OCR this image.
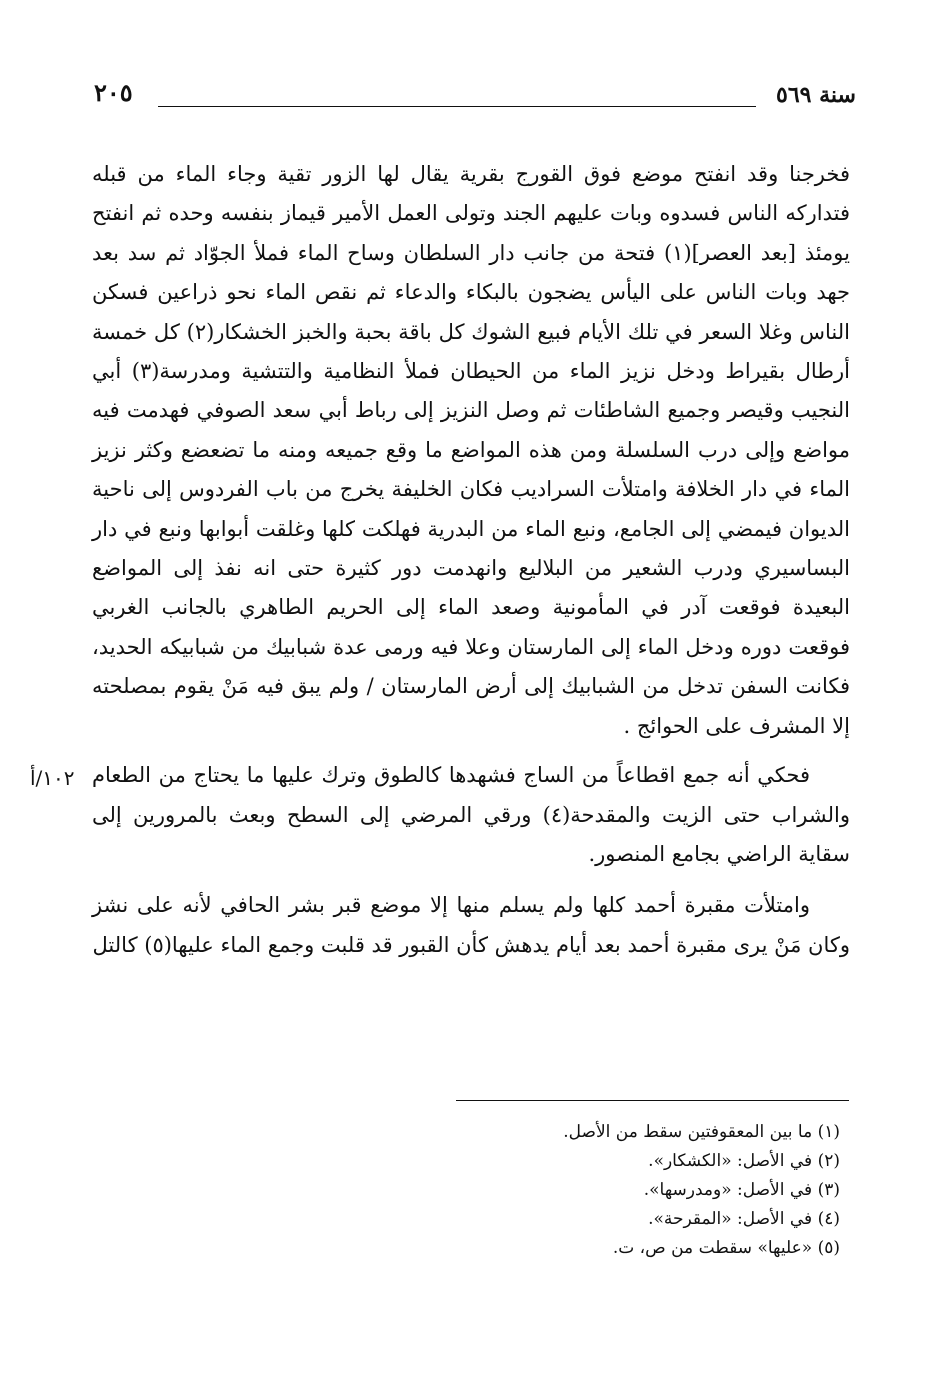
سنة ٥٦٩
٢٠٥

فخرجنا وقد انفتح موضع فوق القورج بقرية يقال لها الزور تقية وجاء الماء من قبله فتداركه الناس فسدوه وبات عليهم الجند وتولى العمل الأمير قيماز بنفسه وحده ثم انفتح يومئذ [بعد العصر](١) فتحة من جانب دار السلطان وساح الماء فملأ الجوّاد ثم سد بعد جهد وبات الناس على اليأس يضجون بالبكاء والدعاء ثم نقص الماء نحو ذراعين فسكن الناس وغلا السعر في تلك الأيام فبيع الشوك كل باقة بحبة والخبز الخشكار(٢) كل خمسة أرطال بقيراط ودخل نزيز الماء من الحيطان فملأ النظامية والتتشية ومدرسة(٣) أبي النجيب وقيصر وجميع الشاطئات ثم وصل النزيز إلى رباط أبي سعد الصوفي فهدمت فيه مواضع وإلى درب السلسلة ومن هذه المواضع ما وقع جميعه ومنه ما تضعضع وكثر نزيز الماء في دار الخلافة وامتلأت السراديب فكان الخليفة يخرج من باب الفردوس إلى ناحية الديوان فيمضي إلى الجامع، ونبع الماء من البدرية فهلكت كلها وغلقت أبوابها ونبع في دار البساسيري ودرب الشعير من البلاليع وانهدمت دور كثيرة حتى انه نفذ إلى المواضع البعيدة فوقعت آدر في المأمونية وصعد الماء إلى الحريم الطاهري بالجانب الغربي فوقعت دوره ودخل الماء إلى المارستان وعلا فيه ورمى عدة شبابيك من شبابيكه الحديد، فكانت السفن تدخل من الشبابيك إلى أرض المارستان / ولم يبق فيه مَنْ يقوم بمصلحته إلا المشرف على الحوائج .

فحكي أنه جمع اقطاعاً من الساج فشهدها كالطوق وترك عليها ما يحتاج من الطعام والشراب حتى الزيت والمقدحة(٤) ورقي المرضي إلى السطح وبعث بالمرورين إلى سقاية الراضي بجامع المنصور.

وامتلأت مقبرة أحمد كلها ولم يسلم منها إلا موضع قبر بشر الحافي لأنه على نشز وكان مَنْ يرى مقبرة أحمد بعد أيام يدهش كأن القبور قد قلبت وجمع الماء عليها(٥) كالتل

١٠٢/أ
(١) ما بين المعقوفتين سقط من الأصل.
(٢) في الأصل: «الكشكار».
(٣) في الأصل: «ومدرسها».
(٤) في الأصل: «المقرحة».
(٥) «عليها» سقطت من ص، ت.
